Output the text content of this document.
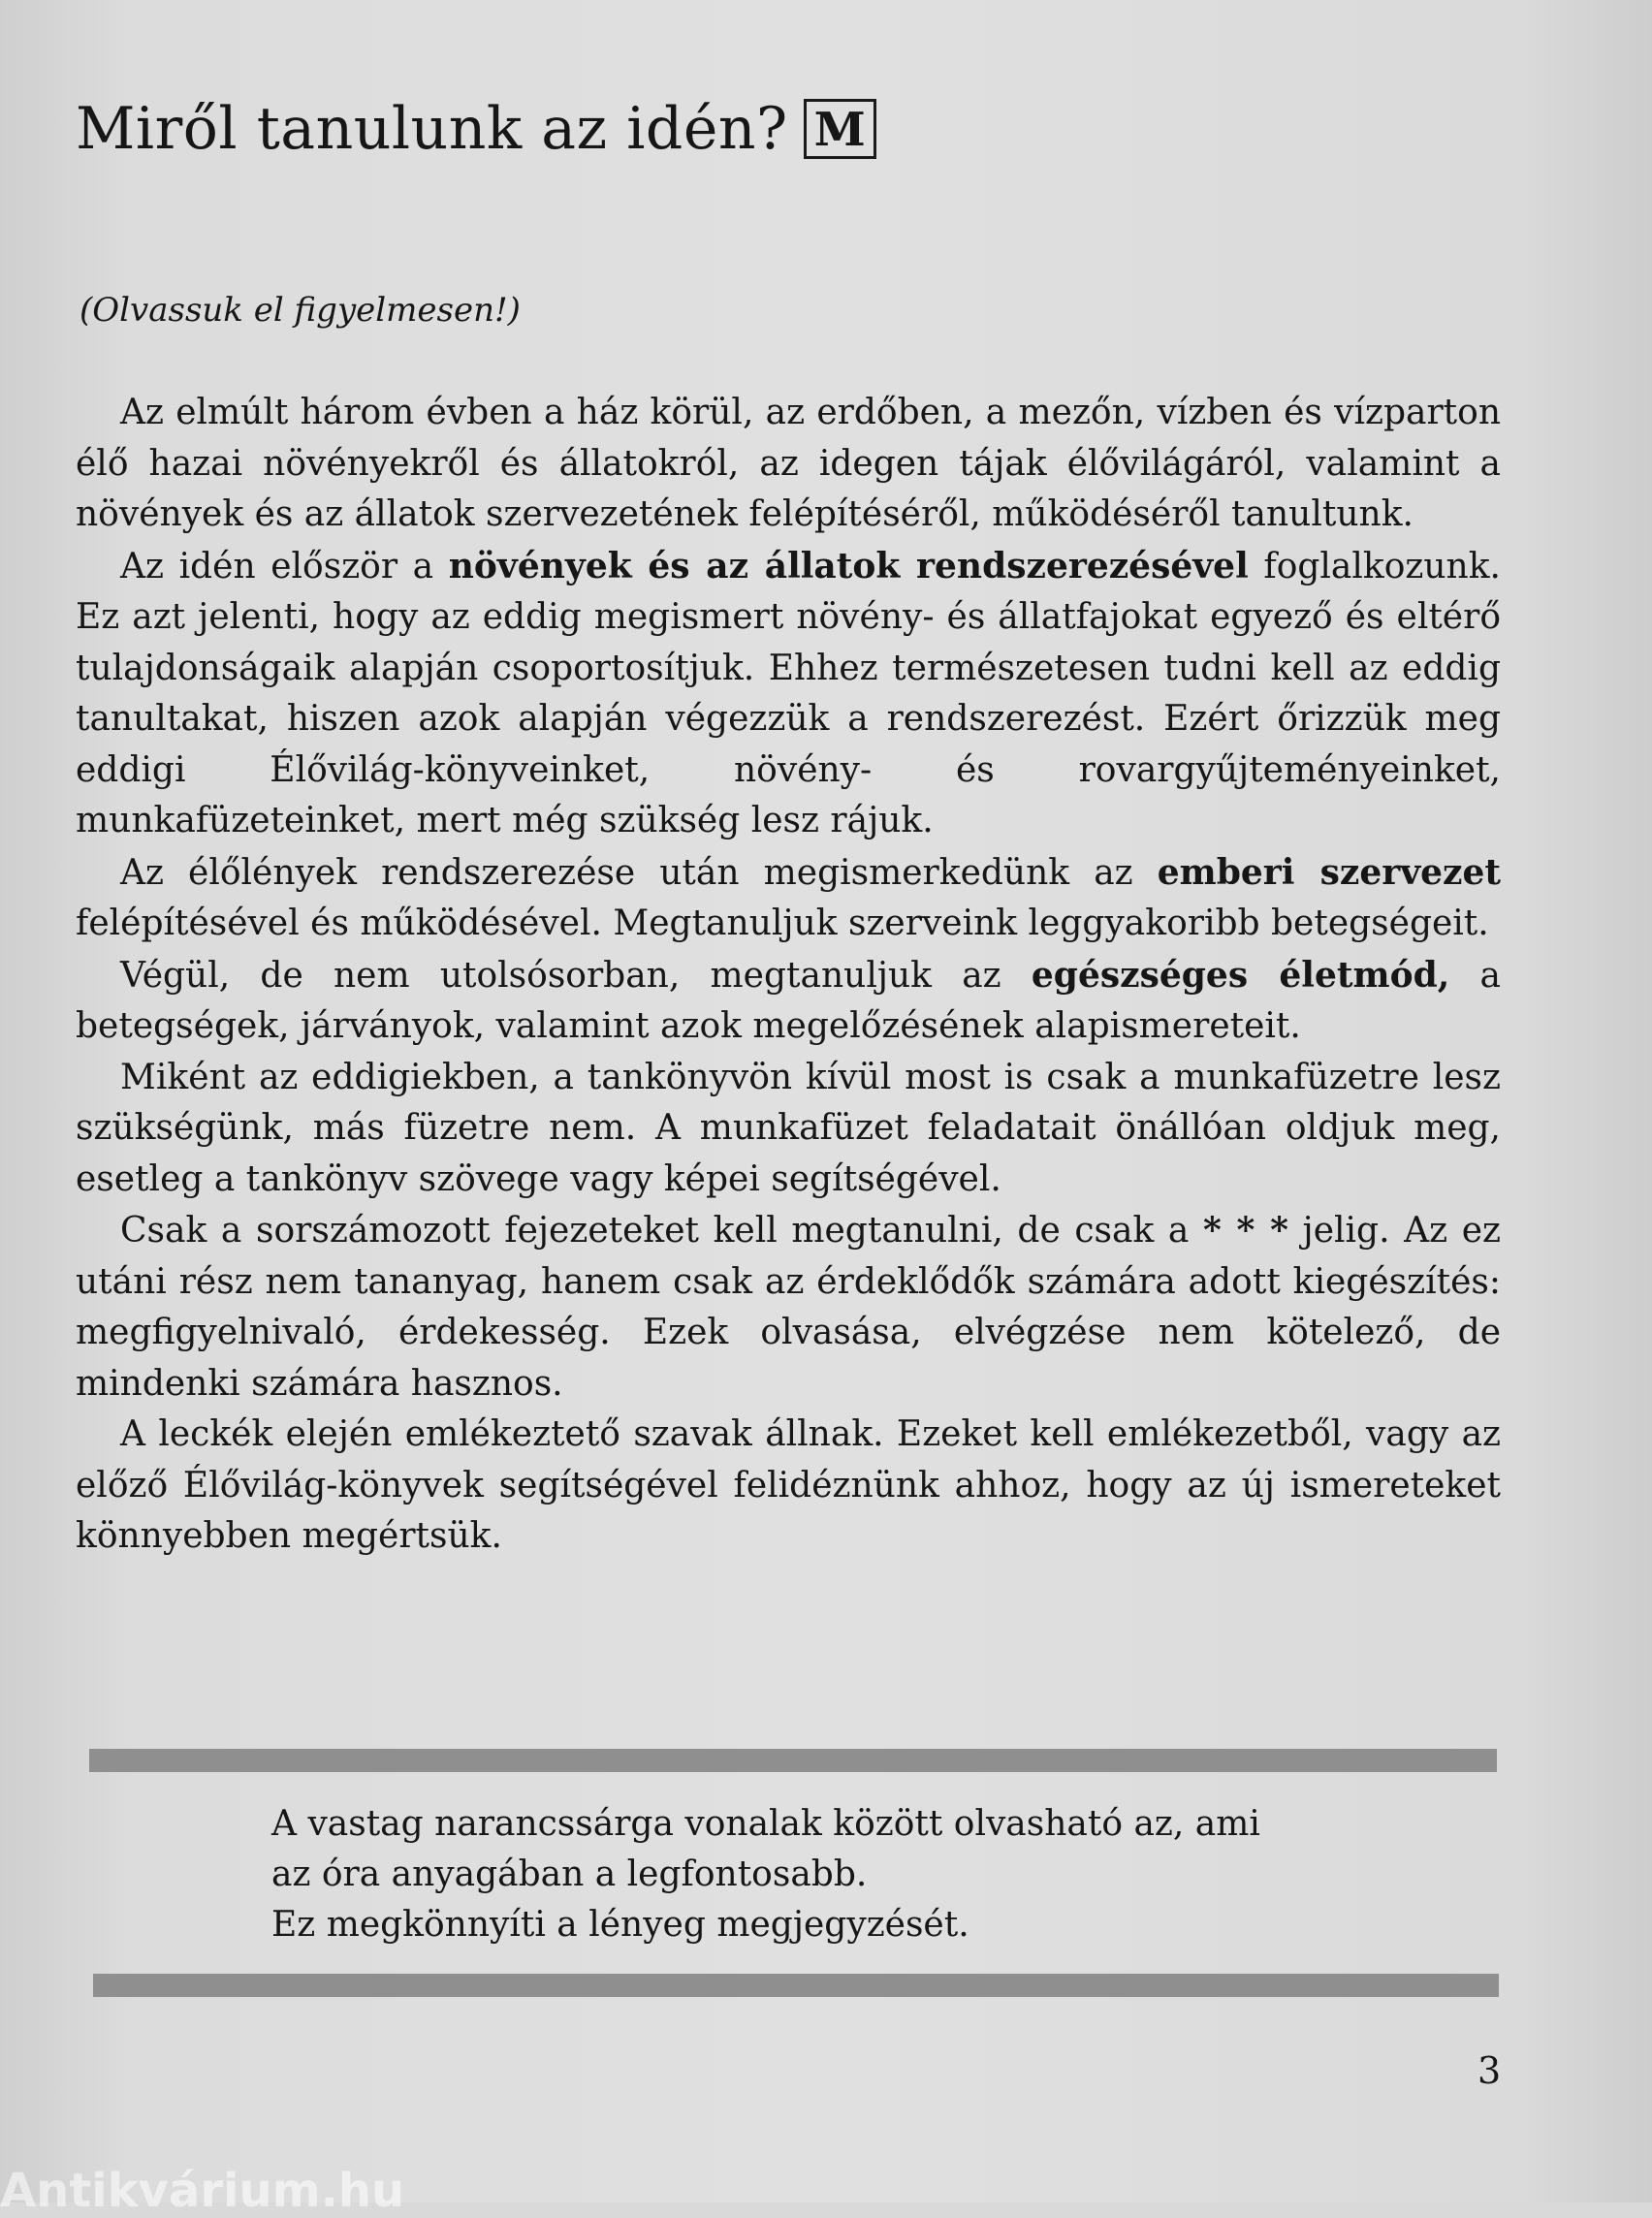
Miről tanulunk az idén? M
(Olvassuk el figyelmesen!)

Az elmúlt három évben a ház körül, az erdőben, a mezőn, vízben és vízparton élő hazai növényekről és állatokról, az idegen tájak élővilágáról, valamint a növények és az állatok szervezetének felépítéséről, működéséről tanultunk.

Az idén először a növények és az állatok rendszerezésével foglalkozunk. Ez azt jelenti, hogy az eddig megismert növény- és állatfajokat egyező és eltérő tulajdonságaik alapján csoportosítjuk. Ehhez természetesen tudni kell az eddig tanultakat, hiszen azok alapján végezzük a rendszerezést. Ezért őrizzük meg eddigi Élővilág-könyveinket, növény- és rovargyűjteményeinket, munkafüzeteinket, mert még szükség lesz rájuk.

Az élőlények rendszerezése után megismerkedünk az emberi szervezet felépítésével és működésével. Megtanuljuk szerveink leggyakoribb betegségeit.

Végül, de nem utolsósorban, megtanuljuk az egészséges életmód, a betegségek, járványok, valamint azok megelőzésének alapismereteit.

Miként az eddigiekben, a tankönyvön kívül most is csak a munkafüzetre lesz szükségünk, más füzetre nem. A munkafüzet feladatait önállóan oldjuk meg, esetleg a tankönyv szövege vagy képei segítségével.

Csak a sorszámozott fejezeteket kell megtanulni, de csak a * * * jelig. Az ez utáni rész nem tananyag, hanem csak az érdeklődők számára adott kiegészítés: megfigyelnivaló, érdekesség. Ezek olvasása, elvégzése nem kötelező, de mindenki számára hasznos.

A leckék elején emlékeztető szavak állnak. Ezeket kell emlékezetből, vagy az előző Élővilág-könyvek segítségével felidéznünk ahhoz, hogy az új ismereteket könnyebben megértsük.

A vastag narancssárga vonalak között olvasható az, ami
az óra anyagában a legfontosabb.
Ez megkönnyíti a lényeg megjegyzését.
3
Antikvárium.hu
